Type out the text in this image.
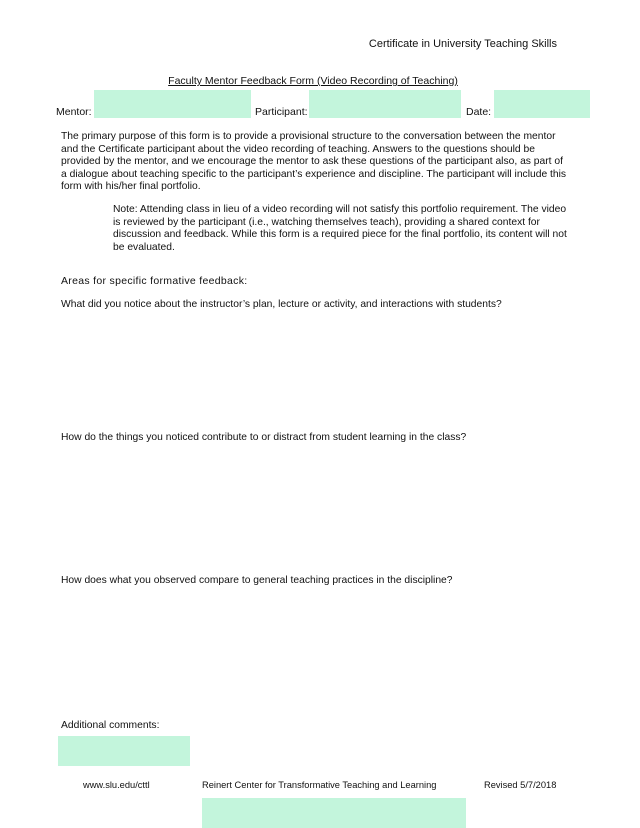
Certificate in University Teaching Skills
Faculty Mentor Feedback Form (Video Recording of Teaching)
Mentor:	Participant:	Date:
The primary purpose of this form is to provide a provisional structure to the conversation between the mentor and the Certificate participant about the video recording of teaching. Answers to the questions should be provided by the mentor, and we encourage the mentor to ask these questions of the participant also, as part of a dialogue about teaching specific to the participant’s experience and discipline. The participant will include this form with his/her final portfolio.
Note: Attending class in lieu of a video recording will not satisfy this portfolio requirement. The video is reviewed by the participant (i.e., watching themselves teach), providing a shared context for discussion and feedback. While this form is a required piece for the final portfolio, its content will not be evaluated.
Areas for specific formative feedback:
What did you notice about the instructor’s plan, lecture or activity, and interactions with students?
How do the things you noticed contribute to or distract from student learning in the class?
How does what you observed compare to general teaching practices in the discipline?
Additional comments:
www.slu.edu/cttl	Reinert Center for Transformative Teaching and Learning	Revised 5/7/2018
